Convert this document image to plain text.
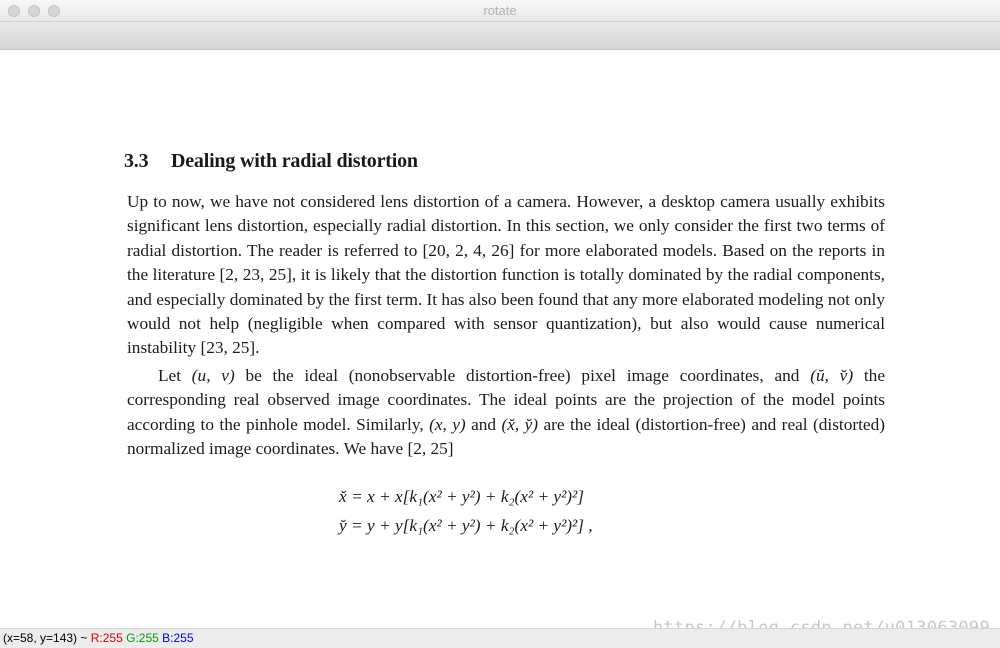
rotate
3.3 Dealing with radial distortion

Up to now, we have not considered lens distortion of a camera. However, a desktop camera usually exhibits significant lens distortion, especially radial distortion. In this section, we only consider the first two terms of radial distortion. The reader is referred to [20, 2, 4, 26] for more elaborated models. Based on the reports in the literature [2, 23, 25], it is likely that the distortion function is totally dominated by the radial components, and especially dominated by the first term. It has also been found that any more elaborated modeling not only would not help (negligible when compared with sensor quantization), but also would cause numerical instability [23, 25].

Let (u, v) be the ideal (nonobservable distortion-free) pixel image coordinates, and (ŭ, v̆) the corresponding real observed image coordinates. The ideal points are the projection of the model points according to the pinhole model. Similarly, (x, y) and (x̆, y̆) are the ideal (distortion-free) and real (distorted) normalized image coordinates. We have [2, 25]

x̆ = x + x[k₁(x² + y²) + k₂(x² + y²)²]
y̆ = y + y[k₁(x² + y²) + k₂(x² + y²)²] ,
(x=58, y=143) ~ R:255 G:255 B:255
